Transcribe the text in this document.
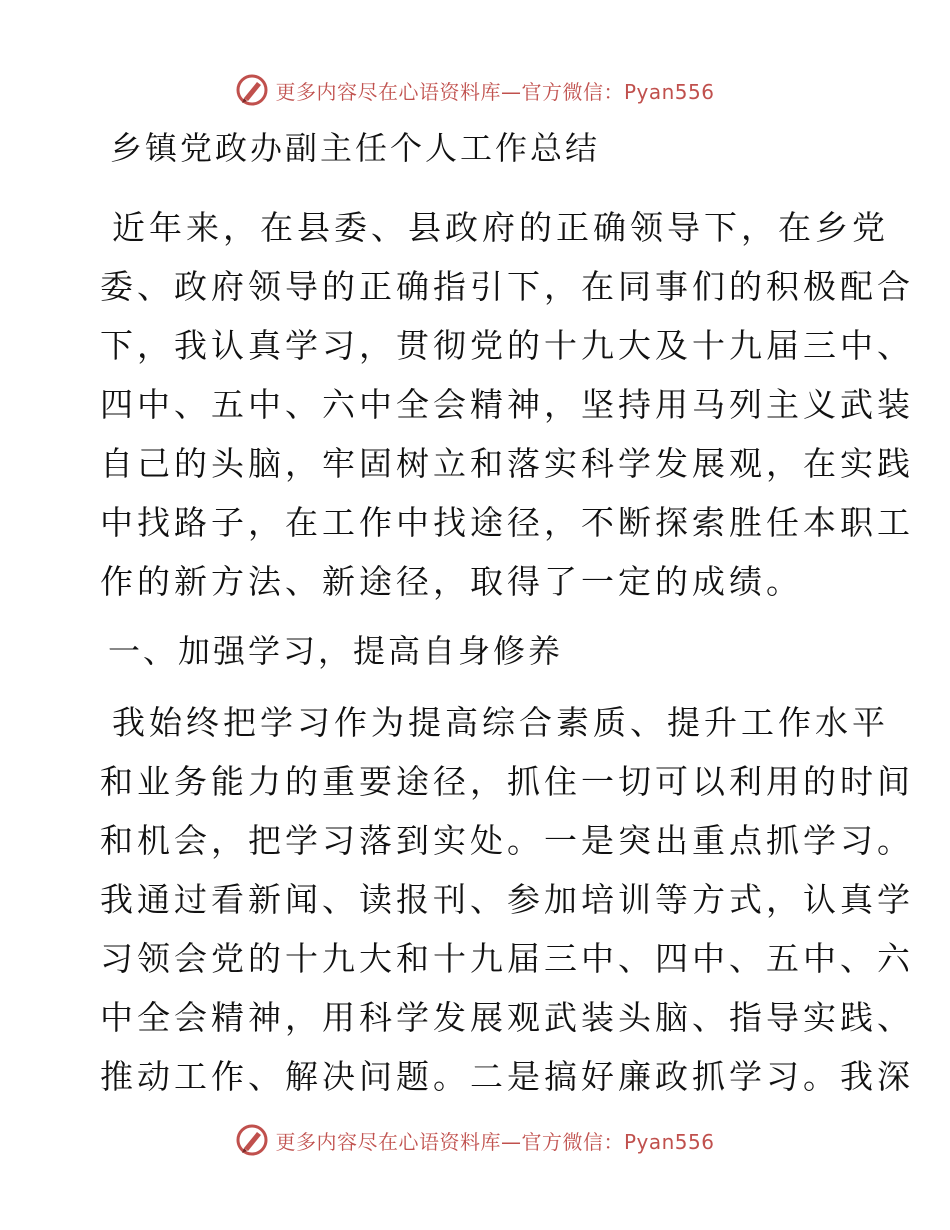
更多内容尽在心语资料库—官方微信：Pyan556
乡镇党政办副主任个人工作总结
近年来，在县委、县政府的正确领导下，在乡党
委、政府领导的正确指引下，在同事们的积极配合
下，我认真学习，贯彻党的十九大及十九届三中、
四中、五中、六中全会精神，坚持用马列主义武装
自己的头脑，牢固树立和落实科学发展观，在实践
中找路子，在工作中找途径，不断探索胜任本职工
作的新方法、新途径，取得了一定的成绩。
一、加强学习，提高自身修养
我始终把学习作为提高综合素质、提升工作水平
和业务能力的重要途径，抓住一切可以利用的时间
和机会，把学习落到实处。一是突出重点抓学习。
我通过看新闻、读报刊、参加培训等方式，认真学
习领会党的十九大和十九届三中、四中、五中、六
中全会精神，用科学发展观武装头脑、指导实践、
推动工作、解决问题。二是搞好廉政抓学习。我深
更多内容尽在心语资料库—官方微信：Pyan556
